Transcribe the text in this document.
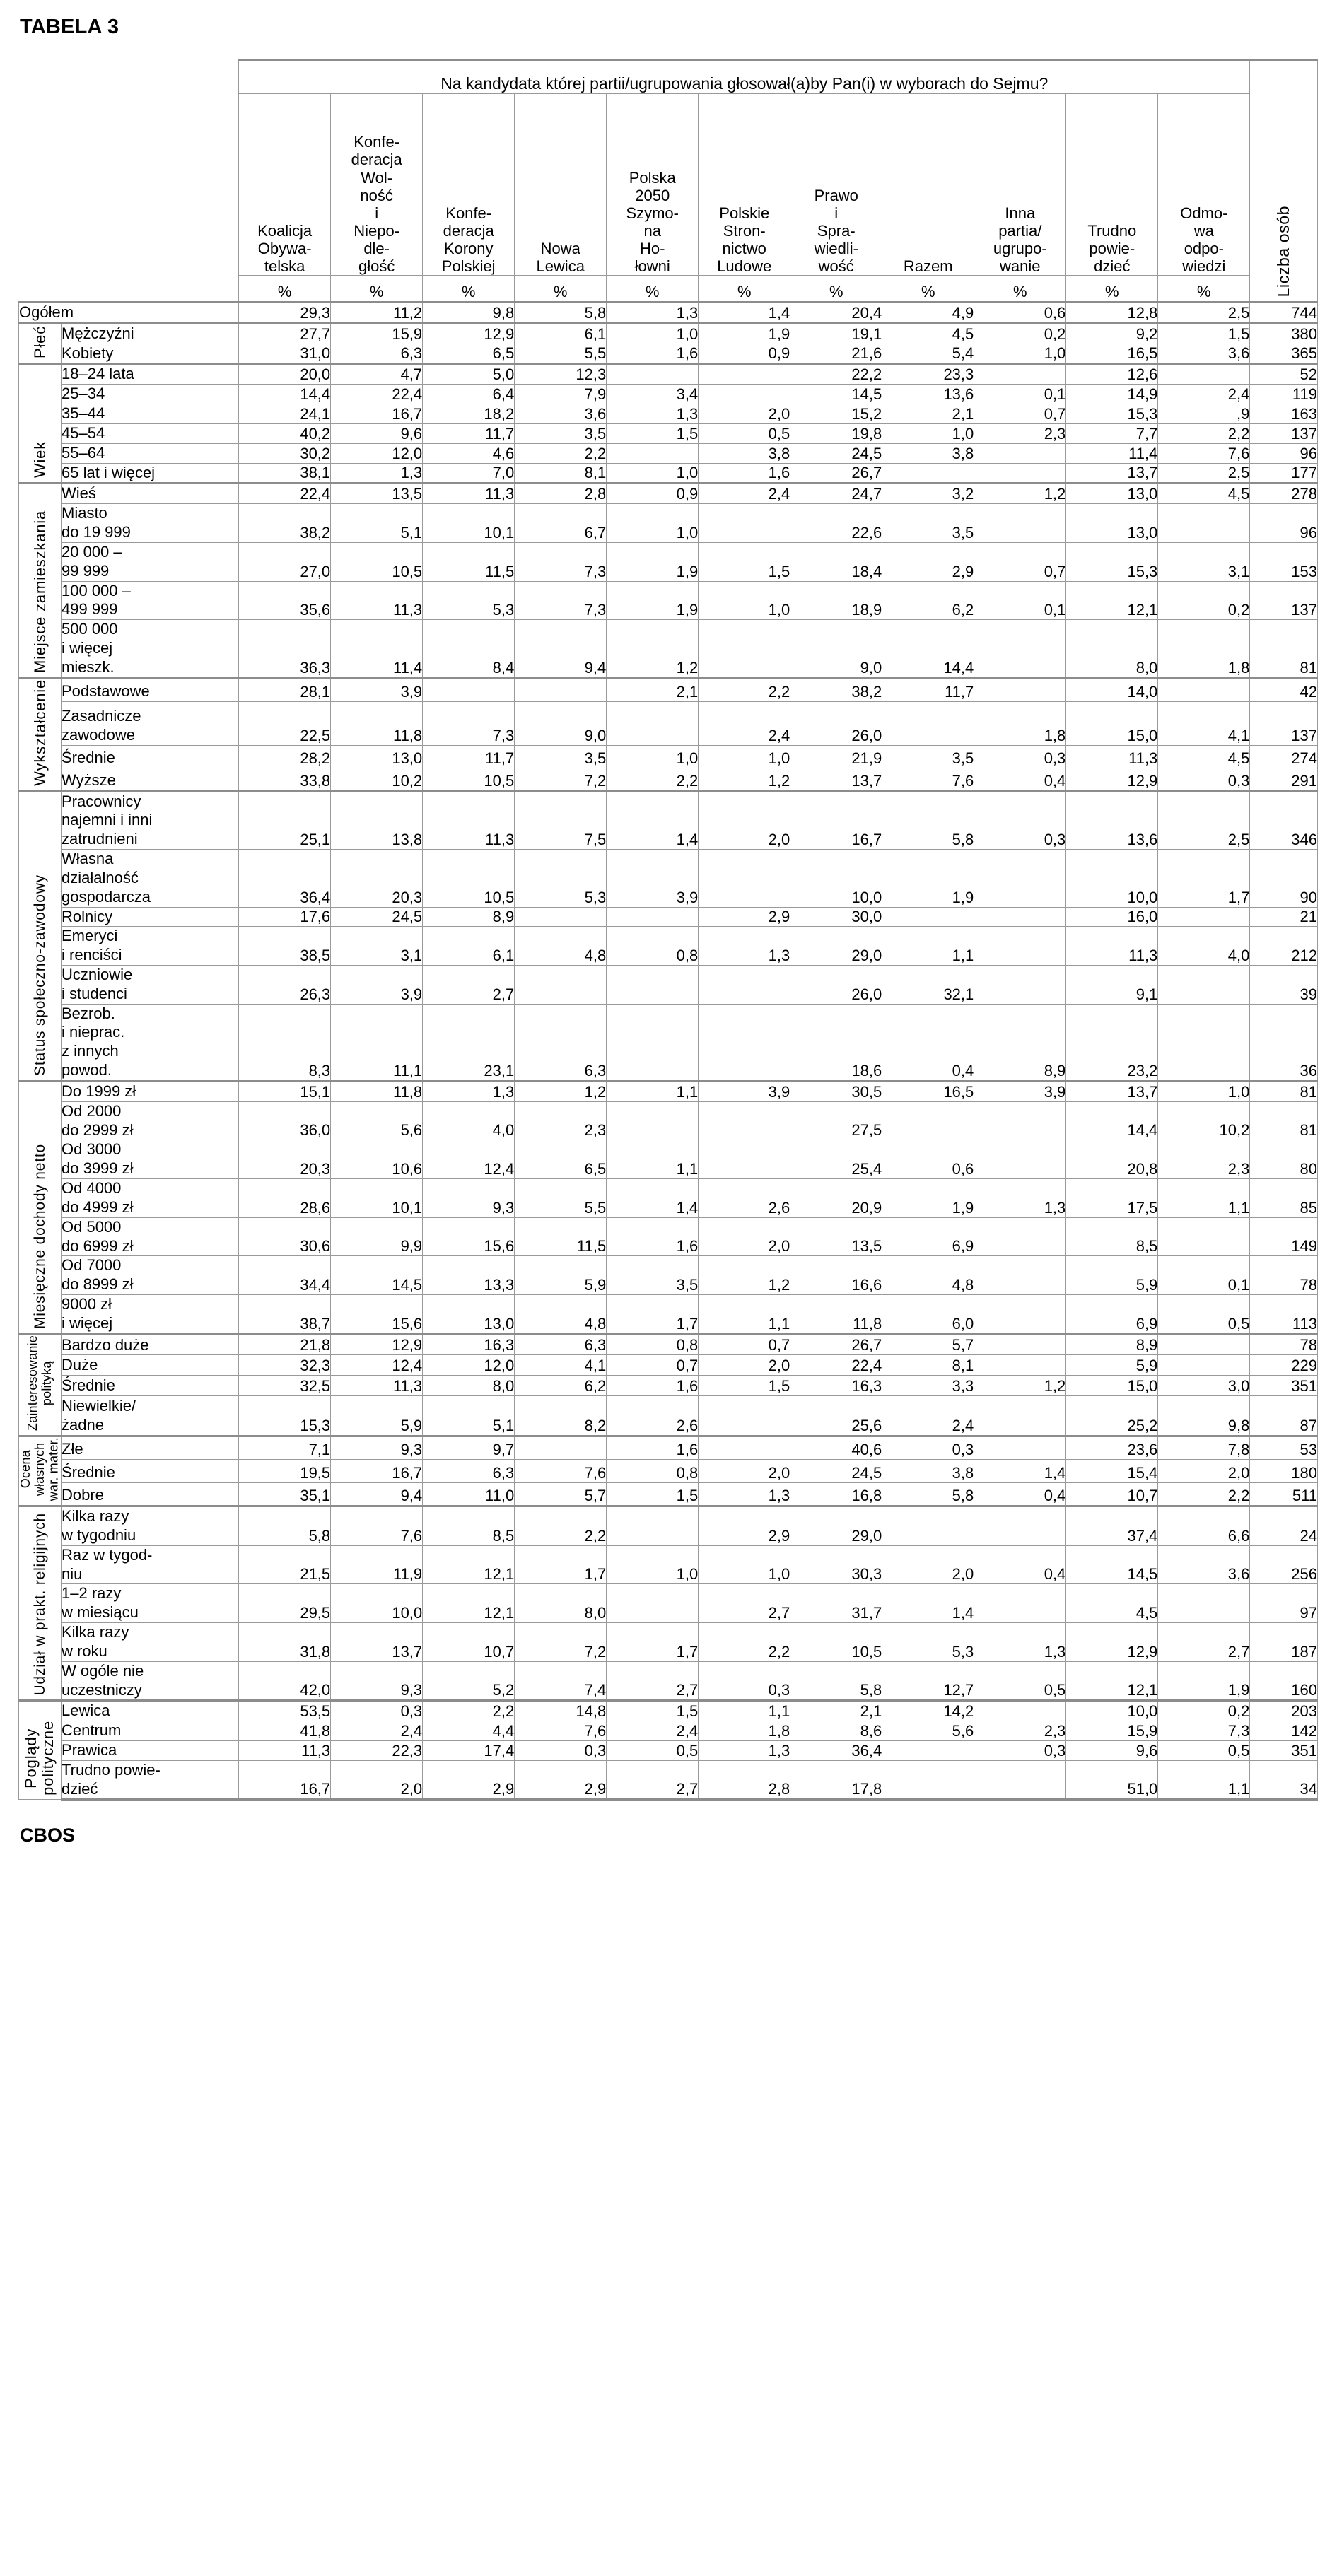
TABELA 3
		Na kandydata której partii/ugrupowania głosował(a)by Pan(i) w wyborach do Sejmu?											Liczba osób
Koalicja
Obywa-
telska	Konfe-
deracja
Wol-
ność
i
Niepo-
dle-
głość	Konfe-
deracja
Korony
Polskiej	Nowa
Lewica	Polska
2050
Szymo-
na
Ho-
łowni	Polskie
Stron-
nictwo
Ludowe	Prawo
i
Spra-
wiedli-
wość	Razem	Inna
partia/
ugrupo-
wanie	Trudno
powie-
dzieć	Odmo-
wa
odpo-
wiedzi
		%	%	%	%	%	%	%	%	%	%	%	
Ogółem		29,3	11,2	9,8	5,8	1,3	1,4	20,4	4,9	0,6	12,8	2,5	744
Płeć	Mężczyźni	27,7	15,9	12,9	6,1	1,0	1,9	19,1	4,5	0,2	9,2	1,5	380
	Kobiety	31,0	6,3	6,5	5,5	1,6	0,9	21,6	5,4	1,0	16,5	3,6	365
Wiek	18–24 lata	20,0	4,7	5,0	12,3			22,2	23,3		12,6		52
	25–34	14,4	22,4	6,4	7,9	3,4		14,5	13,6	0,1	14,9	2,4	119
	35–44	24,1	16,7	18,2	3,6	1,3	2,0	15,2	2,1	0,7	15,3	,9	163
	45–54	40,2	9,6	11,7	3,5	1,5	0,5	19,8	1,0	2,3	7,7	2,2	137
	55–64	30,2	12,0	4,6	2,2		3,8	24,5	3,8		11,4	7,6	96
	65 lat i więcej	38,1	1,3	7,0	8,1	1,0	1,6	26,7			13,7	2,5	177
Miejsce zamieszkania	Wieś	22,4	13,5	11,3	2,8	0,9	2,4	24,7	3,2	1,2	13,0	4,5	278
	Miasto
do 19 999	38,2	5,1	10,1	6,7	1,0		22,6	3,5		13,0		96
	20 000 –
99 999	27,0	10,5	11,5	7,3	1,9	1,5	18,4	2,9	0,7	15,3	3,1	153
	100 000 –
499 999	35,6	11,3	5,3	7,3	1,9	1,0	18,9	6,2	0,1	12,1	0,2	137
	500 000
i więcej
mieszk.	36,3	11,4	8,4	9,4	1,2		9,0	14,4		8,0	1,8	81
Wykształcenie	Podstawowe	28,1	3,9			2,1	2,2	38,2	11,7		14,0		42
	Zasadnicze
zawodowe	22,5	11,8	7,3	9,0		2,4	26,0		1,8	15,0	4,1	137
	Średnie	28,2	13,0	11,7	3,5	1,0	1,0	21,9	3,5	0,3	11,3	4,5	274
	Wyższe	33,8	10,2	10,5	7,2	2,2	1,2	13,7	7,6	0,4	12,9	0,3	291
Status społeczno-zawodowy	Pracownicy
najemni i inni
zatrudnieni	25,1	13,8	11,3	7,5	1,4	2,0	16,7	5,8	0,3	13,6	2,5	346
	Własna
działalność
gospodarcza	36,4	20,3	10,5	5,3	3,9		10,0	1,9		10,0	1,7	90
	Rolnicy	17,6	24,5	8,9			2,9	30,0			16,0		21
	Emeryci
i renciści	38,5	3,1	6,1	4,8	0,8	1,3	29,0	1,1		11,3	4,0	212
	Uczniowie
i studenci	26,3	3,9	2,7				26,0	32,1		9,1		39
	Bezrob.
i nieprac.
z innych
powod.	8,3	11,1	23,1	6,3			18,6	0,4	8,9	23,2		36
Miesięczne dochody netto	Do 1999 zł	15,1	11,8	1,3	1,2	1,1	3,9	30,5	16,5	3,9	13,7	1,0	81
	Od 2000
do 2999 zł	36,0	5,6	4,0	2,3			27,5			14,4	10,2	81
	Od 3000
do 3999 zł	20,3	10,6	12,4	6,5	1,1		25,4	0,6		20,8	2,3	80
	Od 4000
do 4999 zł	28,6	10,1	9,3	5,5	1,4	2,6	20,9	1,9	1,3	17,5	1,1	85
	Od 5000
do 6999 zł	30,6	9,9	15,6	11,5	1,6	2,0	13,5	6,9		8,5		149
	Od 7000
do 8999 zł	34,4	14,5	13,3	5,9	3,5	1,2	16,6	4,8		5,9	0,1	78
	9000 zł
i więcej	38,7	15,6	13,0	4,8	1,7	1,1	11,8	6,0		6,9	0,5	113
Zainteresowanie
polityką	Bardzo duże	21,8	12,9	16,3	6,3	0,8	0,7	26,7	5,7		8,9		78
	Duże	32,3	12,4	12,0	4,1	0,7	2,0	22,4	8,1		5,9		229
	Średnie	32,5	11,3	8,0	6,2	1,6	1,5	16,3	3,3	1,2	15,0	3,0	351
	Niewielkie/
żadne	15,3	5,9	5,1	8,2	2,6		25,6	2,4		25,2	9,8	87
Ocena
własnych
war. mater.	Złe	7,1	9,3	9,7		1,6		40,6	0,3		23,6	7,8	53
	Średnie	19,5	16,7	6,3	7,6	0,8	2,0	24,5	3,8	1,4	15,4	2,0	180
	Dobre	35,1	9,4	11,0	5,7	1,5	1,3	16,8	5,8	0,4	10,7	2,2	511
Udział w prakt. religijnych	Kilka razy
w tygodniu	5,8	7,6	8,5	2,2		2,9	29,0			37,4	6,6	24
	Raz w tygod-
niu	21,5	11,9	12,1	1,7	1,0	1,0	30,3	2,0	0,4	14,5	3,6	256
	1–2 razy
w miesiącu	29,5	10,0	12,1	8,0		2,7	31,7	1,4		4,5		97
	Kilka razy
w roku	31,8	13,7	10,7	7,2	1,7	2,2	10,5	5,3	1,3	12,9	2,7	187
	W ogóle nie
uczestniczy	42,0	9,3	5,2	7,4	2,7	0,3	5,8	12,7	0,5	12,1	1,9	160
Poglądy
polityczne	Lewica	53,5	0,3	2,2	14,8	1,5	1,1	2,1	14,2		10,0	0,2	203
	Centrum	41,8	2,4	4,4	7,6	2,4	1,8	8,6	5,6	2,3	15,9	7,3	142
	Prawica	11,3	22,3	17,4	0,3	0,5	1,3	36,4		0,3	9,6	0,5	351
	Trudno powie-
dzieć	16,7	2,0	2,9	2,9	2,7	2,8	17,8			51,0	1,1	34
CBOS
